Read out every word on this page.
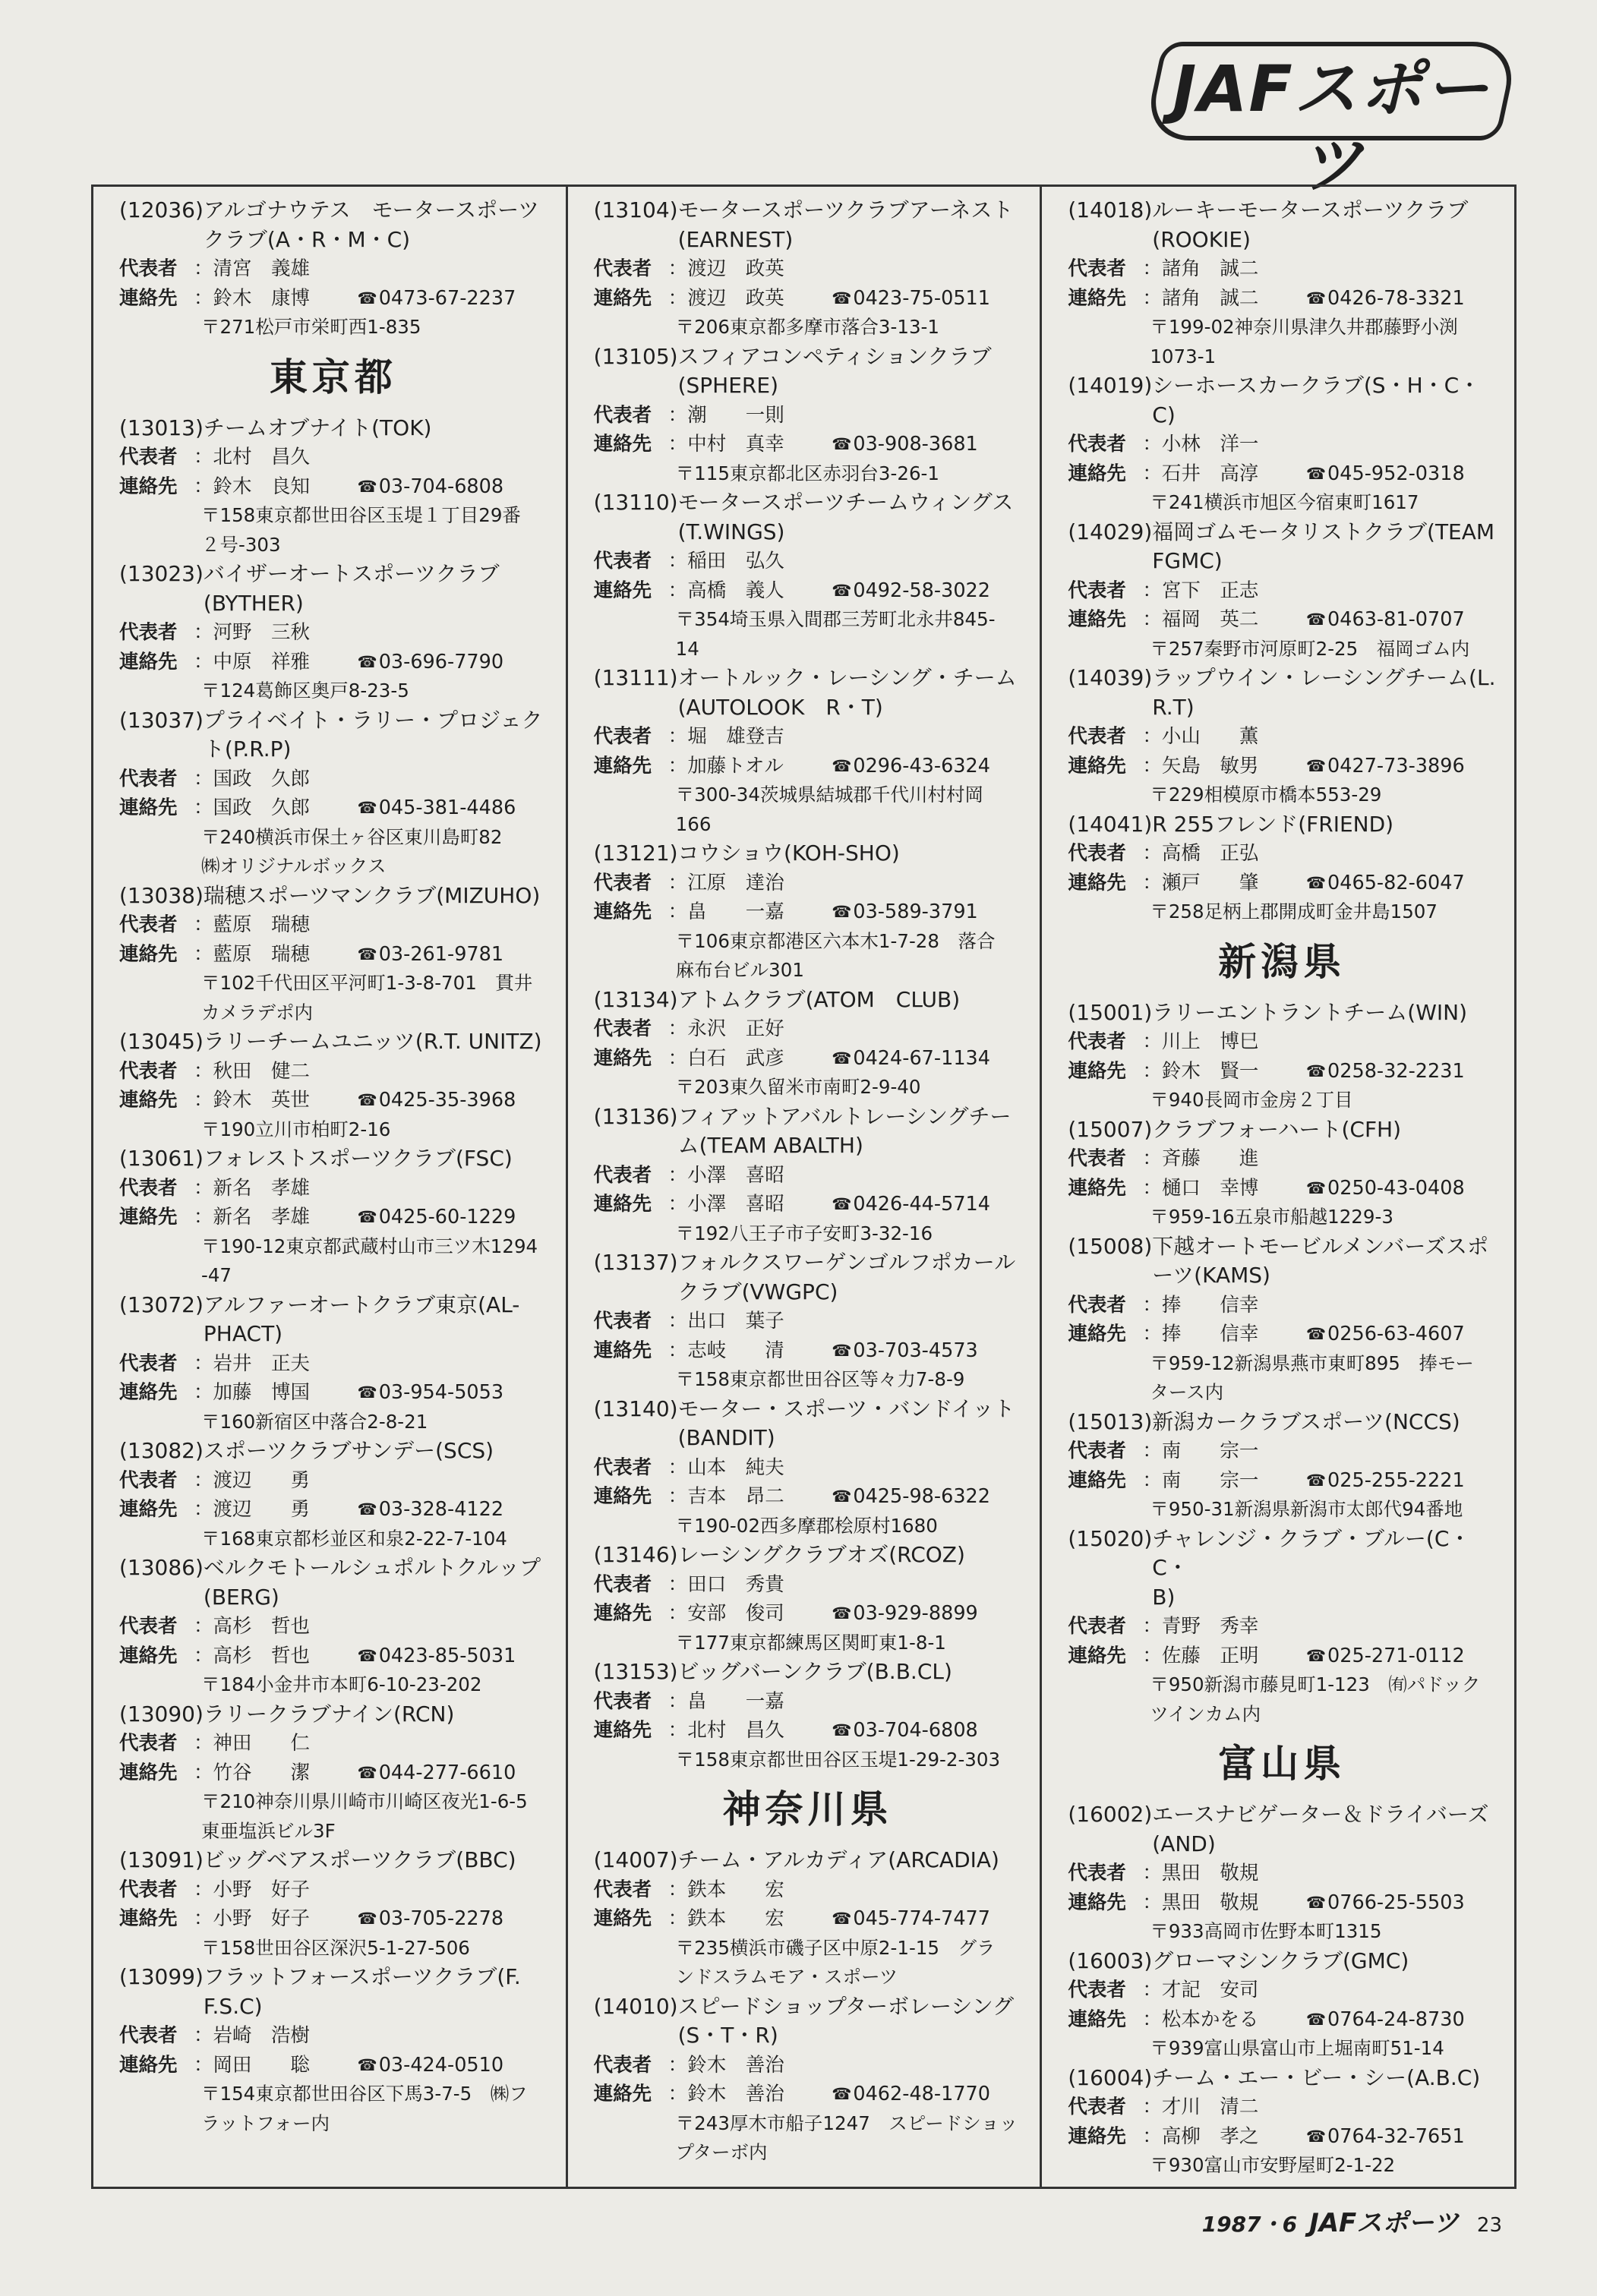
JAFスポーツ
(12036) アルゴナウテス　モータースポーツ
クラブ(A・R・M・C)
代表者 ： 清宮　義雄
連絡先 ： 鈴木　康博	☎ 0473-67-2237
〒271松戸市栄町西1-835
東京都
(13013) チームオブナイト(TOK)
代表者 ： 北村　昌久
連絡先 ： 鈴木　良知	☎ 03-704-6808
〒158東京都世田谷区玉堤１丁目29番
２号-303
(13023) バイザーオートスポーツクラブ
(BYTHER)
代表者 ： 河野　三秋
連絡先 ： 中原　祥雅	☎ 03-696-7790
〒124葛飾区奥戸8-23-5
(13037) プライベイト・ラリー・プロジェク
ト(P.R.P)
代表者 ： 国政　久郎
連絡先 ： 国政　久郎	☎ 045-381-4486
〒240横浜市保土ヶ谷区東川島町82
㈱オリジナルボックス
(13038) 瑞穂スポーツマンクラブ(MIZUHO)
代表者 ： 藍原　瑞穂
連絡先 ： 藍原　瑞穂	☎ 03-261-9781
〒102千代田区平河町1-3-8-701　貫井
カメラデポ内
(13045) ラリーチームユニッツ(R.T. UNITZ)
代表者 ： 秋田　健二
連絡先 ： 鈴木　英世	☎ 0425-35-3968
〒190立川市柏町2-16
(13061) フォレストスポーツクラブ(FSC)
代表者 ： 新名　孝雄
連絡先 ： 新名　孝雄	☎ 0425-60-1229
〒190-12東京都武蔵村山市三ツ木1294
-47
(13072) アルファーオートクラブ東京(AL-
PHACT)
代表者 ： 岩井　正夫
連絡先 ： 加藤　博国	☎ 03-954-5053
〒160新宿区中落合2-8-21
(13082) スポーツクラブサンデー(SCS)
代表者 ： 渡辺　　勇
連絡先 ： 渡辺　　勇	☎ 03-328-4122
〒168東京都杉並区和泉2-22-7-104
(13086) ベルクモトールシュポルトクルップ
(BERG)
代表者 ： 高杉　哲也
連絡先 ： 高杉　哲也	☎ 0423-85-5031
〒184小金井市本町6-10-23-202
(13090) ラリークラブナイン(RCN)
代表者 ： 神田　　仁
連絡先 ： 竹谷　　潔	☎ 044-277-6610
〒210神奈川県川崎市川崎区夜光1-6-5
東亜塩浜ビル3F
(13091) ビッグベアスポーツクラブ(BBC)
代表者 ： 小野　好子
連絡先 ： 小野　好子	☎ 03-705-2278
〒158世田谷区深沢5-1-27-506
(13099) フラットフォースポーツクラブ(F.
F.S.C)
代表者 ： 岩崎　浩樹
連絡先 ： 岡田　　聡	☎ 03-424-0510
〒154東京都世田谷区下馬3-7-5　㈱フ
ラットフォー内
(13104) モータースポーツクラブアーネスト
(EARNEST)
代表者 ： 渡辺　政英
連絡先 ： 渡辺　政英	☎ 0423-75-0511
〒206東京都多摩市落合3-13-1
(13105) スフィアコンペティションクラブ
(SPHERE)
代表者 ： 潮　　一則
連絡先 ： 中村　真幸	☎ 03-908-3681
〒115東京都北区赤羽台3-26-1
(13110) モータースポーツチームウィングス
(T.WINGS)
代表者 ： 稲田　弘久
連絡先 ： 高橋　義人	☎ 0492-58-3022
〒354埼玉県入間郡三芳町北永井845-
14
(13111) オートルック・レーシング・チーム
(AUTOLOOK　R・T)
代表者 ： 堀　雄登吉
連絡先 ： 加藤トオル	☎ 0296-43-6324
〒300-34茨城県結城郡千代川村村岡
166
(13121) コウショウ(KOH-SHO)
代表者 ： 江原　達治
連絡先 ： 畠　　一嘉	☎ 03-589-3791
〒106東京都港区六本木1-7-28　落合
麻布台ビル301
(13134) アトムクラブ(ATOM　CLUB)
代表者 ： 永沢　正好
連絡先 ： 白石　武彦	☎ 0424-67-1134
〒203東久留米市南町2-9-40
(13136) フィアットアバルトレーシングチー
ム(TEAM ABALTH)
代表者 ： 小澤　喜昭
連絡先 ： 小澤　喜昭	☎ 0426-44-5714
〒192八王子市子安町3-32-16
(13137) フォルクスワーゲンゴルフポカール
クラブ(VWGPC)
代表者 ： 出口　葉子
連絡先 ： 志岐　　清	☎ 03-703-4573
〒158東京都世田谷区等々力7-8-9
(13140) モーター・スポーツ・バンドイット
(BANDIT)
代表者 ： 山本　純夫
連絡先 ： 吉本　昂二	☎ 0425-98-6322
〒190-02西多摩郡桧原村1680
(13146) レーシングクラブオズ(RCOZ)
代表者 ： 田口　秀貴
連絡先 ： 安部　俊司	☎ 03-929-8899
〒177東京都練馬区関町東1-8-1
(13153) ビッグバーンクラブ(B.B.CL)
代表者 ： 畠　　一嘉
連絡先 ： 北村　昌久	☎ 03-704-6808
〒158東京都世田谷区玉堤1-29-2-303
神奈川県
(14007) チーム・アルカディア(ARCADIA)
代表者 ： 鉄本　　宏
連絡先 ： 鉄本　　宏	☎ 045-774-7477
〒235横浜市磯子区中原2-1-15　グラ
ンドスラムモア・スポーツ
(14010) スピードショップターボレーシング
(S・T・R)
代表者 ： 鈴木　善治
連絡先 ： 鈴木　善治	☎ 0462-48-1770
〒243厚木市船子1247　スピードショッ
プターボ内
(14018) ルーキーモータースポーツクラブ
(ROOKIE)
代表者 ： 諸角　誠二
連絡先 ： 諸角　誠二	☎ 0426-78-3321
〒199-02神奈川県津久井郡藤野小渕
1073-1
(14019) シーホースカークラブ(S・H・C・C)
代表者 ： 小林　洋一
連絡先 ： 石井　高淳	☎ 045-952-0318
〒241横浜市旭区今宿東町1617
(14029) 福岡ゴムモータリストクラブ(TEAM
FGMC)
代表者 ： 宮下　正志
連絡先 ： 福岡　英二	☎ 0463-81-0707
〒257秦野市河原町2-25　福岡ゴム内
(14039) ラップウイン・レーシングチーム(L.
R.T)
代表者 ： 小山　　薫
連絡先 ： 矢島　敏男	☎ 0427-73-3896
〒229相模原市橋本553-29
(14041) R 255フレンド(FRIEND)
代表者 ： 高橋　正弘
連絡先 ： 瀬戸　　肇	☎ 0465-82-6047
〒258足柄上郡開成町金井島1507
新潟県
(15001) ラリーエントラントチーム(WIN)
代表者 ： 川上　博巳
連絡先 ： 鈴木　賢一	☎ 0258-32-2231
〒940長岡市金房２丁目
(15007) クラブフォーハート(CFH)
代表者 ： 斉藤　　進
連絡先 ： 樋口　幸博	☎ 0250-43-0408
〒959-16五泉市船越1229-3
(15008) 下越オートモービルメンバーズスポ
ーツ(KAMS)
代表者 ： 捧　　信幸
連絡先 ： 捧　　信幸	☎ 0256-63-4607
〒959-12新潟県燕市東町895　捧モー
タース内
(15013) 新潟カークラブスポーツ(NCCS)
代表者 ： 南　　宗一
連絡先 ： 南　　宗一	☎ 025-255-2221
〒950-31新潟県新潟市太郎代94番地
(15020) チャレンジ・クラブ・ブルー(C・C・
B)
代表者 ： 青野　秀幸
連絡先 ： 佐藤　正明	☎ 025-271-0112
〒950新潟市藤見町1-123　㈲パドック
ツインカム内
富山県
(16002) エースナビゲーター＆ドライバーズ
(AND)
代表者 ： 黒田　敬規
連絡先 ： 黒田　敬規	☎ 0766-25-5503
〒933高岡市佐野本町1315
(16003) グローマシンクラブ(GMC)
代表者 ： 才記　安司
連絡先 ： 松本かをる	☎ 0764-24-8730
〒939富山県富山市上堀南町51-14
(16004) チーム・エー・ビー・シー(A.B.C)
代表者 ： 才川　清二
連絡先 ： 高柳　孝之	☎ 0764-32-7651
〒930富山市安野屋町2-1-22
1987・6 JAFスポーツ 23
